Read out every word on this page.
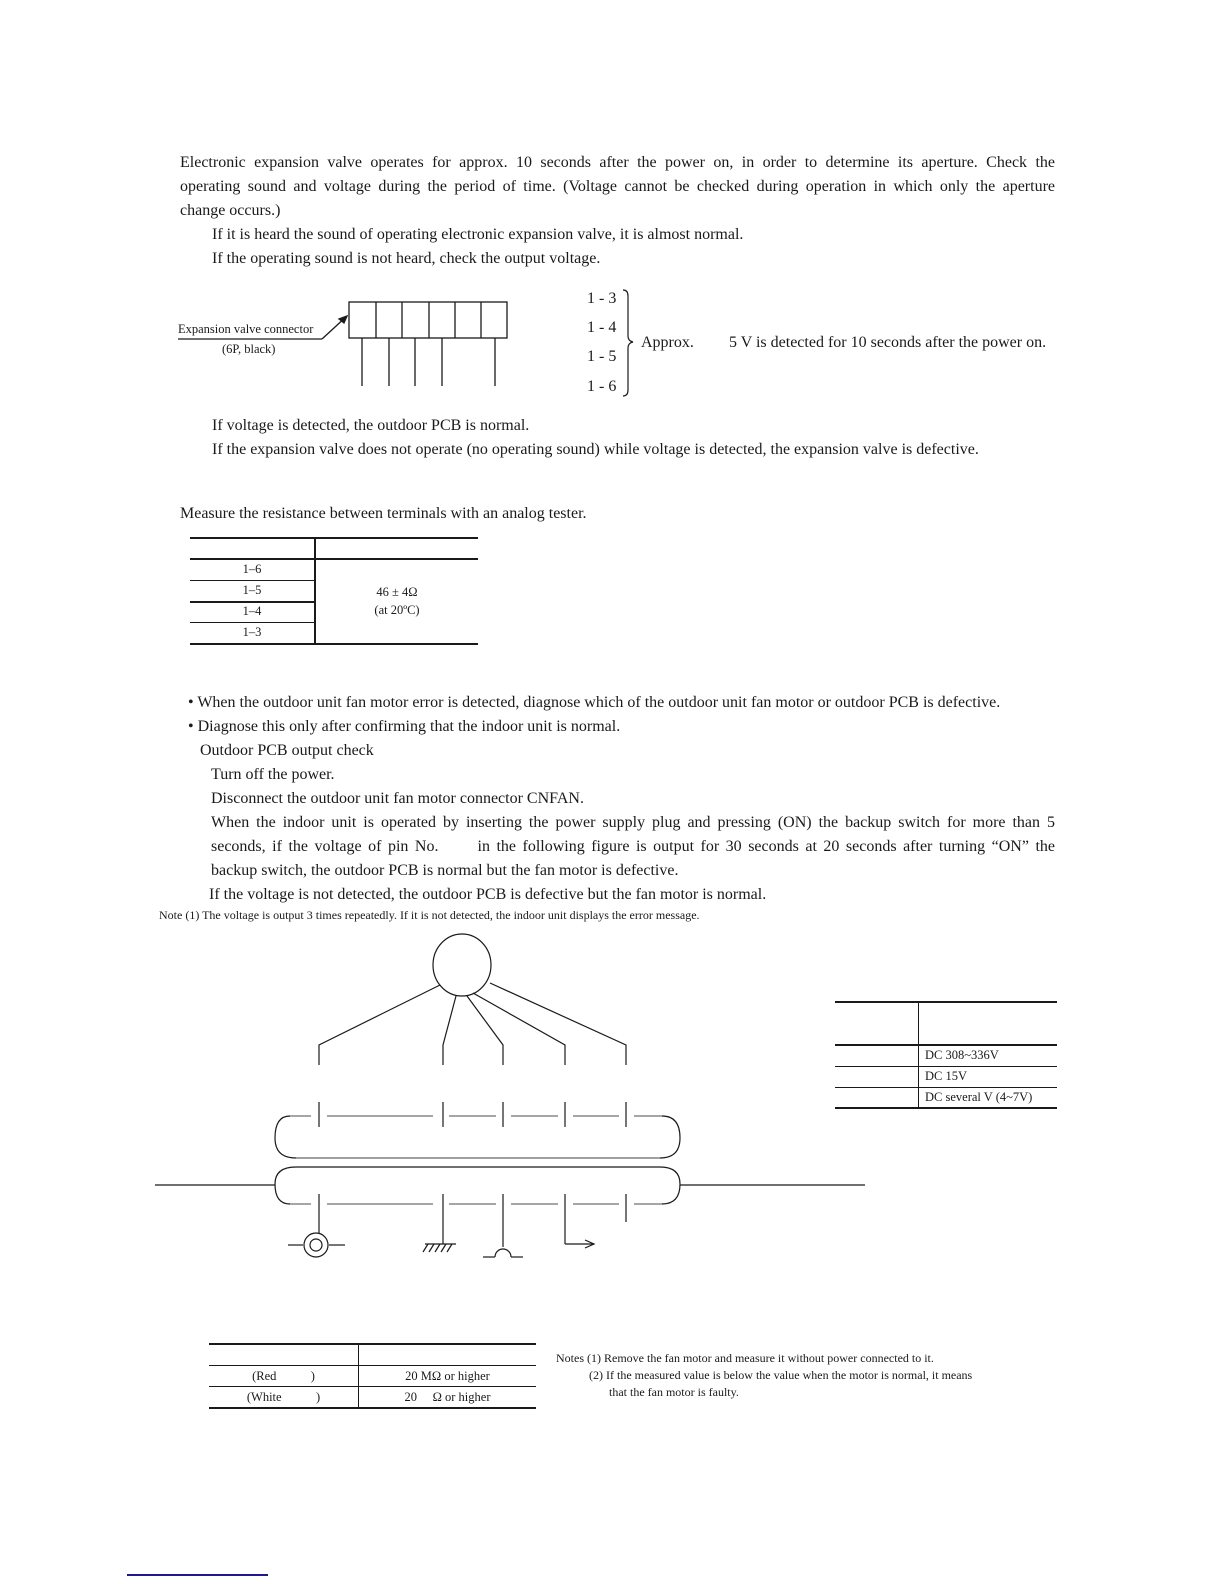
Electronic expansion valve operates for approx. 10 seconds after the power on, in order to determine its aperture. Check the
operating sound and voltage during the period of time. (Voltage cannot be checked during operation in which only the aperture
change occurs.)
If it is heard the sound of operating electronic expansion valve, it is almost normal.
If the operating sound is not heard, check the output voltage.
Expansion valve connector
(6P, black)
1 - 3
1 - 4
1 - 5
1 - 6
Approx. 5 V is detected for 10 seconds after the power on.
If voltage is detected, the outdoor PCB is normal.
If the expansion valve does not operate (no operating sound) while voltage is detected, the expansion valve is defective.
Measure the resistance between terminals with an analog tester.
1–6
1–5
1–4
1–3
46 ± 4Ω
(at 20ºC)
• When the outdoor unit fan motor error is detected, diagnose which of the outdoor unit fan motor or outdoor PCB is defective.
• Diagnose this only after confirming that the indoor unit is normal.
Outdoor PCB output check
Turn off the power.
Disconnect the outdoor unit fan motor connector CNFAN.
When the indoor unit is operated by inserting the power supply plug and pressing (ON) the backup switch for more than 5
seconds, if the voltage of pin No.      in the following figure is output for 30 seconds at 20 seconds after turning “ON” the
backup switch, the outdoor PCB is normal but the fan motor is defective.
If the voltage is not detected, the outdoor PCB is defective but the fan motor is normal.
Note (1) The voltage is output 3 times repeatedly. If it is not detected, the indoor unit displays the error message.
DC 308~336V
DC 15V
DC several V (4~7V)
(Red           )	20 MΩ or higher
(White           )	20     Ω or higher
Notes (1) Remove the fan motor and measure it without power connected to it.
(2) If the measured value is below the value when the motor is normal, it means
that the fan motor is faulty.
